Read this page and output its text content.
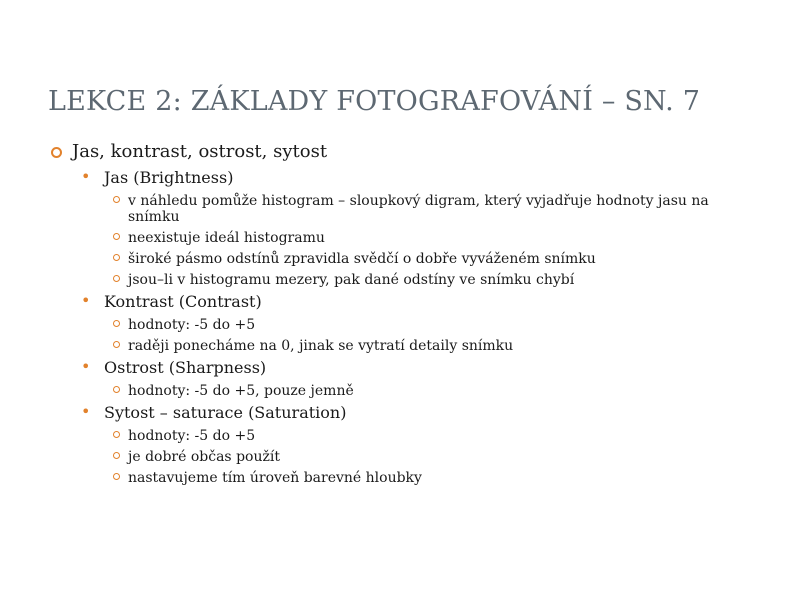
LEKCE 2: ZÁKLADY FOTOGRAFOVÁNÍ – SN. 7
Jas, kontrast, ostrost, sytost
• Jas (Brightness)
v náhledu pomůže histogram – sloupkový digram, který vyjadřuje hodnoty jasu na snímku
neexistuje ideál histogramu
široké pásmo odstínů zpravidla svědčí o dobře vyváženém snímku
jsou–li v histogramu mezery, pak dané odstíny ve snímku chybí
• Kontrast (Contrast)
hodnoty: -5 do +5
raději ponecháme na 0, jinak se vytratí detaily snímku
• Ostrost (Sharpness)
hodnoty: -5 do +5, pouze jemně
• Sytost – saturace (Saturation)
hodnoty: -5 do +5
je dobré občas použít
nastavujeme tím úroveň barevné hloubky
